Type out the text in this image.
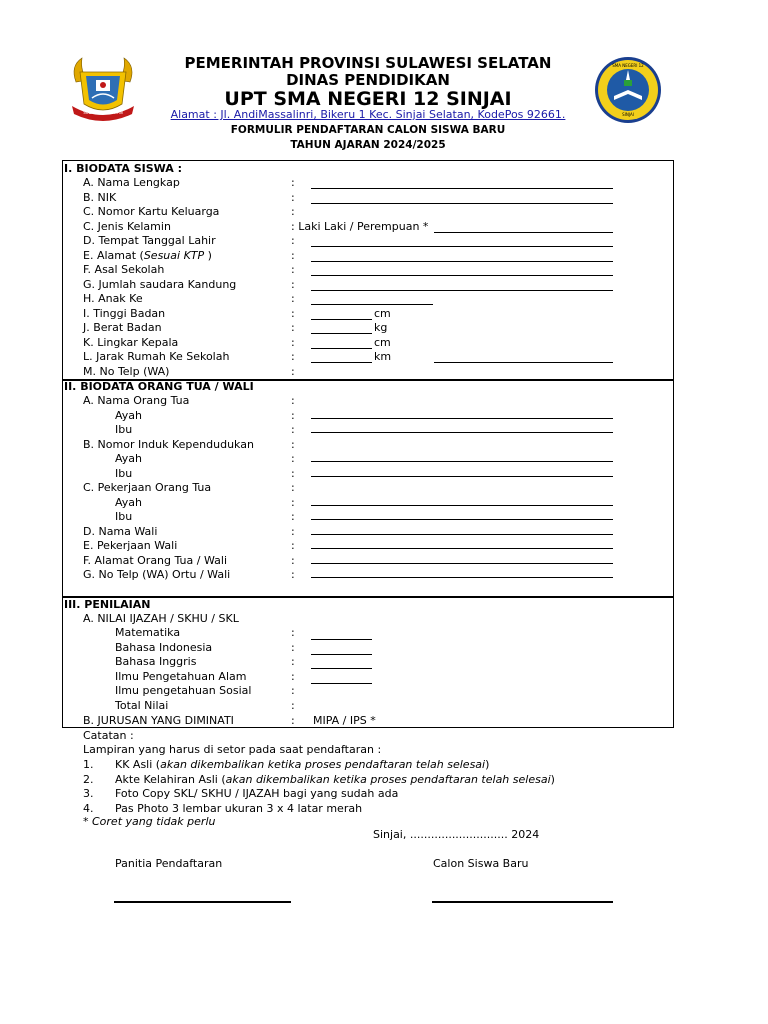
SULAWESI SELATAN
SMA NEGERI 12
SINJAI
PEMERINTAH PROVINSI SULAWESI SELATAN
DINAS PENDIDIKAN
UPT SMA NEGERI 12 SINJAI
Alamat : Jl. AndiMassalinri, Bikeru 1 Kec. Sinjai Selatan, KodePos 92661.
FORMULIR PENDAFTARAN CALON SISWA BARU
TAHUN AJARAN 2024/2025
I. BIODATA SISWA :
A. Nama Lengkap	:
B. NIK	:
C. Nomor Kartu Keluarga	:
C. Jenis Kelamin	: Laki Laki / Perempuan *
D. Tempat Tanggal Lahir	:
E. Alamat (Sesuai KTP )	:
F. Asal Sekolah	:
G. Jumlah saudara Kandung	:
H. Anak Ke	:
I. Tinggi Badan	:	cm
J. Berat Badan	:	kg
K. Lingkar Kepala	:	cm
L. Jarak Rumah Ke Sekolah	:	km
M. No Telp (WA)	:
II. BIODATA ORANG TUA / WALI
A. Nama Orang Tua	:
Ayah	:
Ibu	:
B. Nomor Induk Kependudukan	:
Ayah	:
Ibu	:
C. Pekerjaan Orang Tua	:
Ayah	:
Ibu	:
D. Nama Wali	:
E. Pekerjaan Wali	:
F. Alamat Orang Tua / Wali	:
G. No Telp (WA) Ortu / Wali	:
III. PENILAIAN
A. NILAI IJAZAH / SKHU / SKL
Matematika	:
Bahasa Indonesia	:
Bahasa Inggris	:
Ilmu Pengetahuan Alam	:
Ilmu pengetahuan Sosial	:
Total Nilai	:
B. JURUSAN YANG DIMINATI	: MIPA / IPS *
Catatan :
Lampiran yang harus di setor pada saat pendaftaran :
1. KK Asli (akan dikembalikan ketika proses pendaftaran telah selesai)
2. Akte Kelahiran Asli (akan dikembalikan ketika proses pendaftaran telah selesai)
3. Foto Copy SKL/ SKHU / IJAZAH bagi yang sudah ada
4. Pas Photo 3 lembar ukuran 3 x 4 latar merah
* Coret yang tidak perlu
Sinjai, ............................ 2024
Panitia Pendaftaran	Calon Siswa Baru
